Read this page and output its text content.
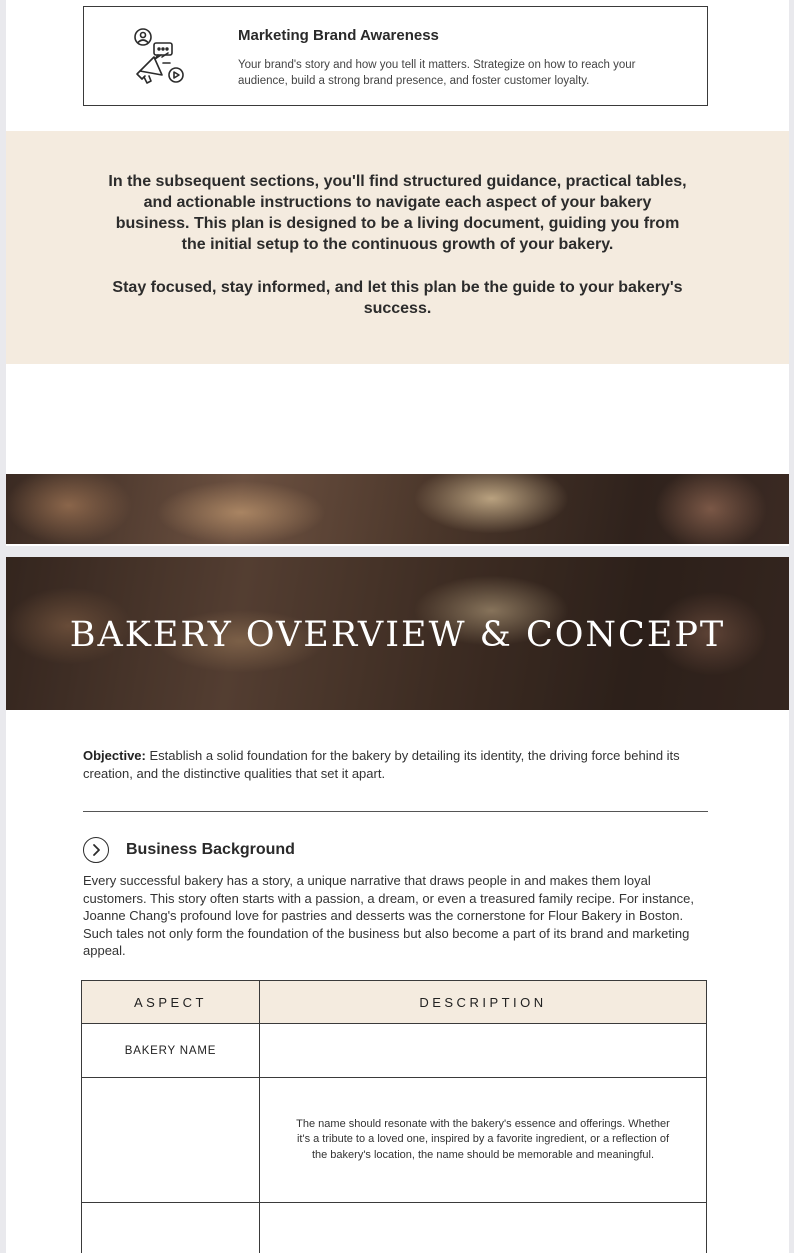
Marketing Brand Awareness
Your brand's story and how you tell it matters. Strategize on how to reach your audience, build a strong brand presence, and foster customer loyalty.
In the subsequent sections, you'll find structured guidance, practical tables, and actionable instructions to navigate each aspect of your bakery business. This plan is designed to be a living document, guiding you from the initial setup to the continuous growth of your bakery.
Stay focused, stay informed, and let this plan be the guide to your bakery's success.
BAKERY OVERVIEW & CONCEPT
Objective: Establish a solid foundation for the bakery by detailing its identity, the driving force behind its creation, and the distinctive qualities that set it apart.
Business Background
Every successful bakery has a story, a unique narrative that draws people in and makes them loyal customers. This story often starts with a passion, a dream, or even a treasured family recipe. For instance, Joanne Chang's profound love for pastries and desserts was the cornerstone for Flour Bakery in Boston. Such tales not only form the foundation of the business but also become a part of its brand and marketing appeal.
ASPECT	DESCRIPTION
BAKERY NAME	
	The name should resonate with the bakery's essence and offerings. Whether it's a tribute to a loved one, inspired by a favorite ingredient, or a reflection of the bakery's location, the name should be memorable and meaningful.
